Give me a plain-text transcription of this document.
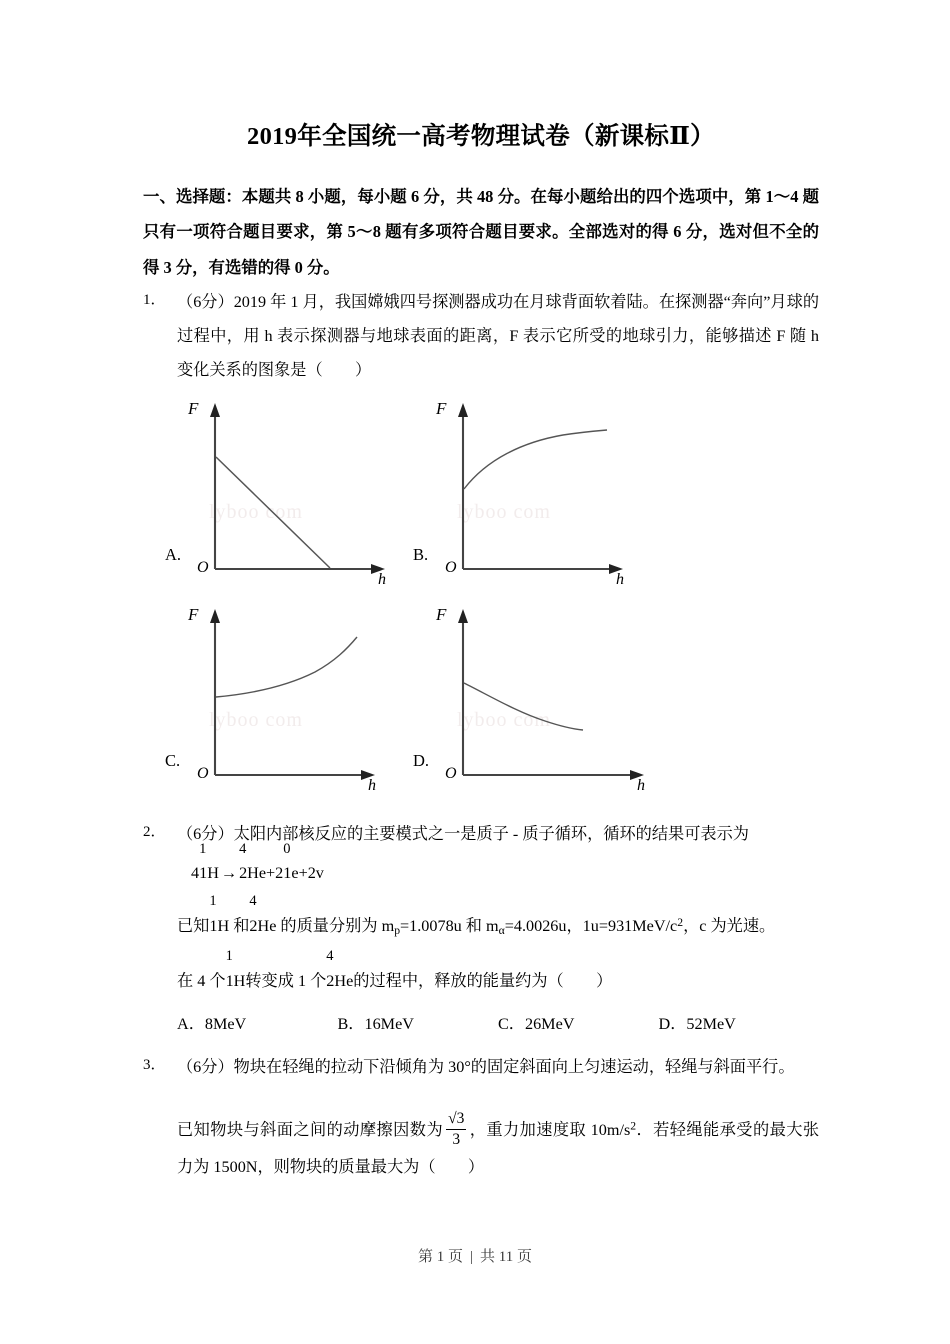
2019年全国统一高考物理试卷（新课标Ⅱ）

一、选择题：本题共 8 小题，每小题 6 分，共 48 分。在每小题给出的四个选项中，第 1～4 题只有一项符合题目要求，第 5～8 题有多项符合题目要求。全部选对的得 6 分，选对但不全的得 3 分，有选错的得 0 分。

1． （6分）2019 年 1 月，我国嫦娥四号探测器成功在月球背面软着陆。在探测器“奔向”月球的过程中，用 h 表示探测器与地球表面的距离，F 表示它所受的地球引力，能够描述 F 随 h 变化关系的图象是（　　）
A.
lyboo com
F
h
O
B.
lyboo com
F
h
O
C.
lyboo com
F
h
O
D.
lyboo com
F
h
O
2． （6分）太阳内部核反应的主要模式之一是质子 - 质子循环，循环的结果可表示为
4
1
1H →
4
2He+2
0
1e+2v
已知
1
1H 和
4
2He 的质量分别为 $m_p=1.0078u$ 和 $m_\alpha=4.0026u$，$1u=931MeV/c^2$，c 为光速。
在 4 个
1
1H转变成 1 个
4
2He的过程中，释放的能量约为（　　）
A．8MeV	B．16MeV	C．26MeV	D．52MeV
3． （6分）物块在轻绳的拉动下沿倾角为 30°的固定斜面向上匀速运动，轻绳与斜面平行。
已知物块与斜面之间的动摩擦因数为 $\frac{√3}{3}$ ，重力加速度取 $10m/s^2$．若轻绳能承受的最大张力为 1500N，则物块的质量最大为（　　）
第 1 页 | 共 11 页
